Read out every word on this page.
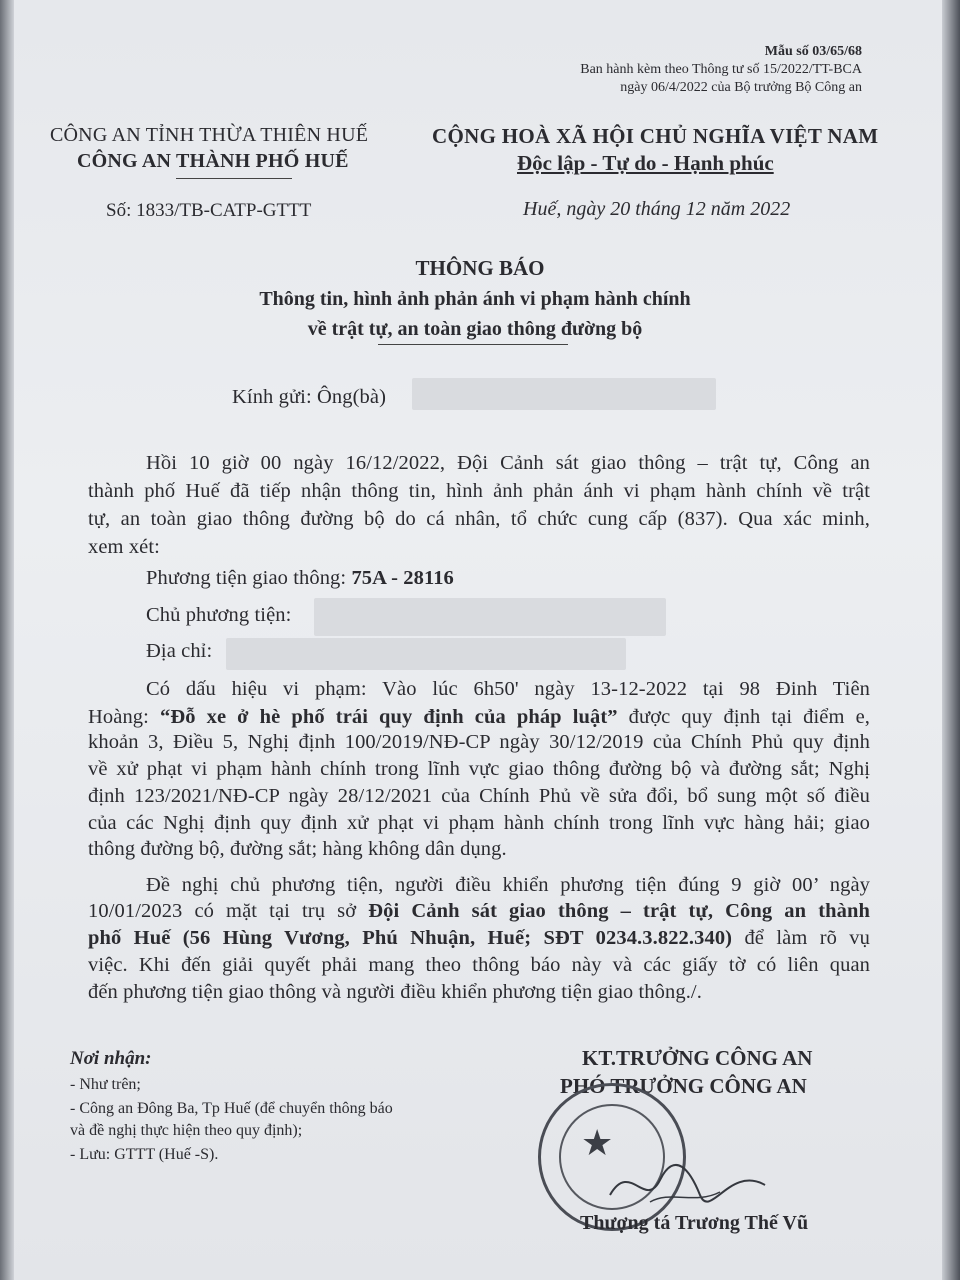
Mẫu số 03/65/68
Ban hành kèm theo Thông tư số 15/2022/TT-BCA
ngày 06/4/2022 của Bộ trưởng Bộ Công an
CÔNG AN TỈNH THỪA THIÊN HUẾ
CÔNG AN THÀNH PHỐ HUẾ
Số: 1833/TB-CATP-GTTT
CỘNG HOÀ XÃ HỘI CHỦ NGHĨA VIỆT NAM
Độc lập - Tự do - Hạnh phúc
Huế, ngày 20 tháng 12 năm 2022
THÔNG BÁO
Thông tin, hình ảnh phản ánh vi phạm hành chính
về trật tự, an toàn giao thông đường bộ
Kính gửi: Ông(bà)
Hồi 10 giờ 00 ngày 16/12/2022, Đội Cảnh sát giao thông – trật tự, Công an
thành phố Huế đã tiếp nhận thông tin, hình ảnh phản ánh vi phạm hành chính về trật
tự, an toàn giao thông đường bộ do cá nhân, tổ chức cung cấp (837). Qua xác minh,
xem xét:
Phương tiện giao thông: 75A - 28116
Chủ phương tiện:
Địa chỉ:
Có dấu hiệu vi phạm: Vào lúc 6h50' ngày 13-12-2022 tại 98 Đinh Tiên
Hoàng: “Đỗ xe ở hè phố trái quy định của pháp luật” được quy định tại điểm e,
khoản 3, Điều 5, Nghị định 100/2019/NĐ-CP ngày 30/12/2019 của Chính Phủ quy định
về xử phạt vi phạm hành chính trong lĩnh vực giao thông đường bộ và đường sắt; Nghị
định 123/2021/NĐ-CP ngày 28/12/2021 của Chính Phủ về sửa đổi, bổ sung một số điều
của các Nghị định quy định xử phạt vi phạm hành chính trong lĩnh vực hàng hải; giao
thông đường bộ, đường sắt; hàng không dân dụng.
Đề nghị chủ phương tiện, người điều khiển phương tiện đúng 9 giờ 00’ ngày
10/01/2023 có mặt tại trụ sở Đội Cảnh sát giao thông – trật tự, Công an thành
phố Huế (56 Hùng Vương, Phú Nhuận, Huế; SĐT 0234.3.822.340) để làm rõ vụ
việc. Khi đến giải quyết phải mang theo thông báo này và các giấy tờ có liên quan
đến phương tiện giao thông và người điều khiển phương tiện giao thông./.
Nơi nhận:
- Như trên;
- Công an Đông Ba, Tp Huế (để chuyển thông báo
và đề nghị thực hiện theo quy định);
- Lưu: GTTT (Huế -S).
KT.TRƯỞNG CÔNG AN
PHÓ TRƯỞNG CÔNG AN
★
Thượng tá Trương Thế Vũ
